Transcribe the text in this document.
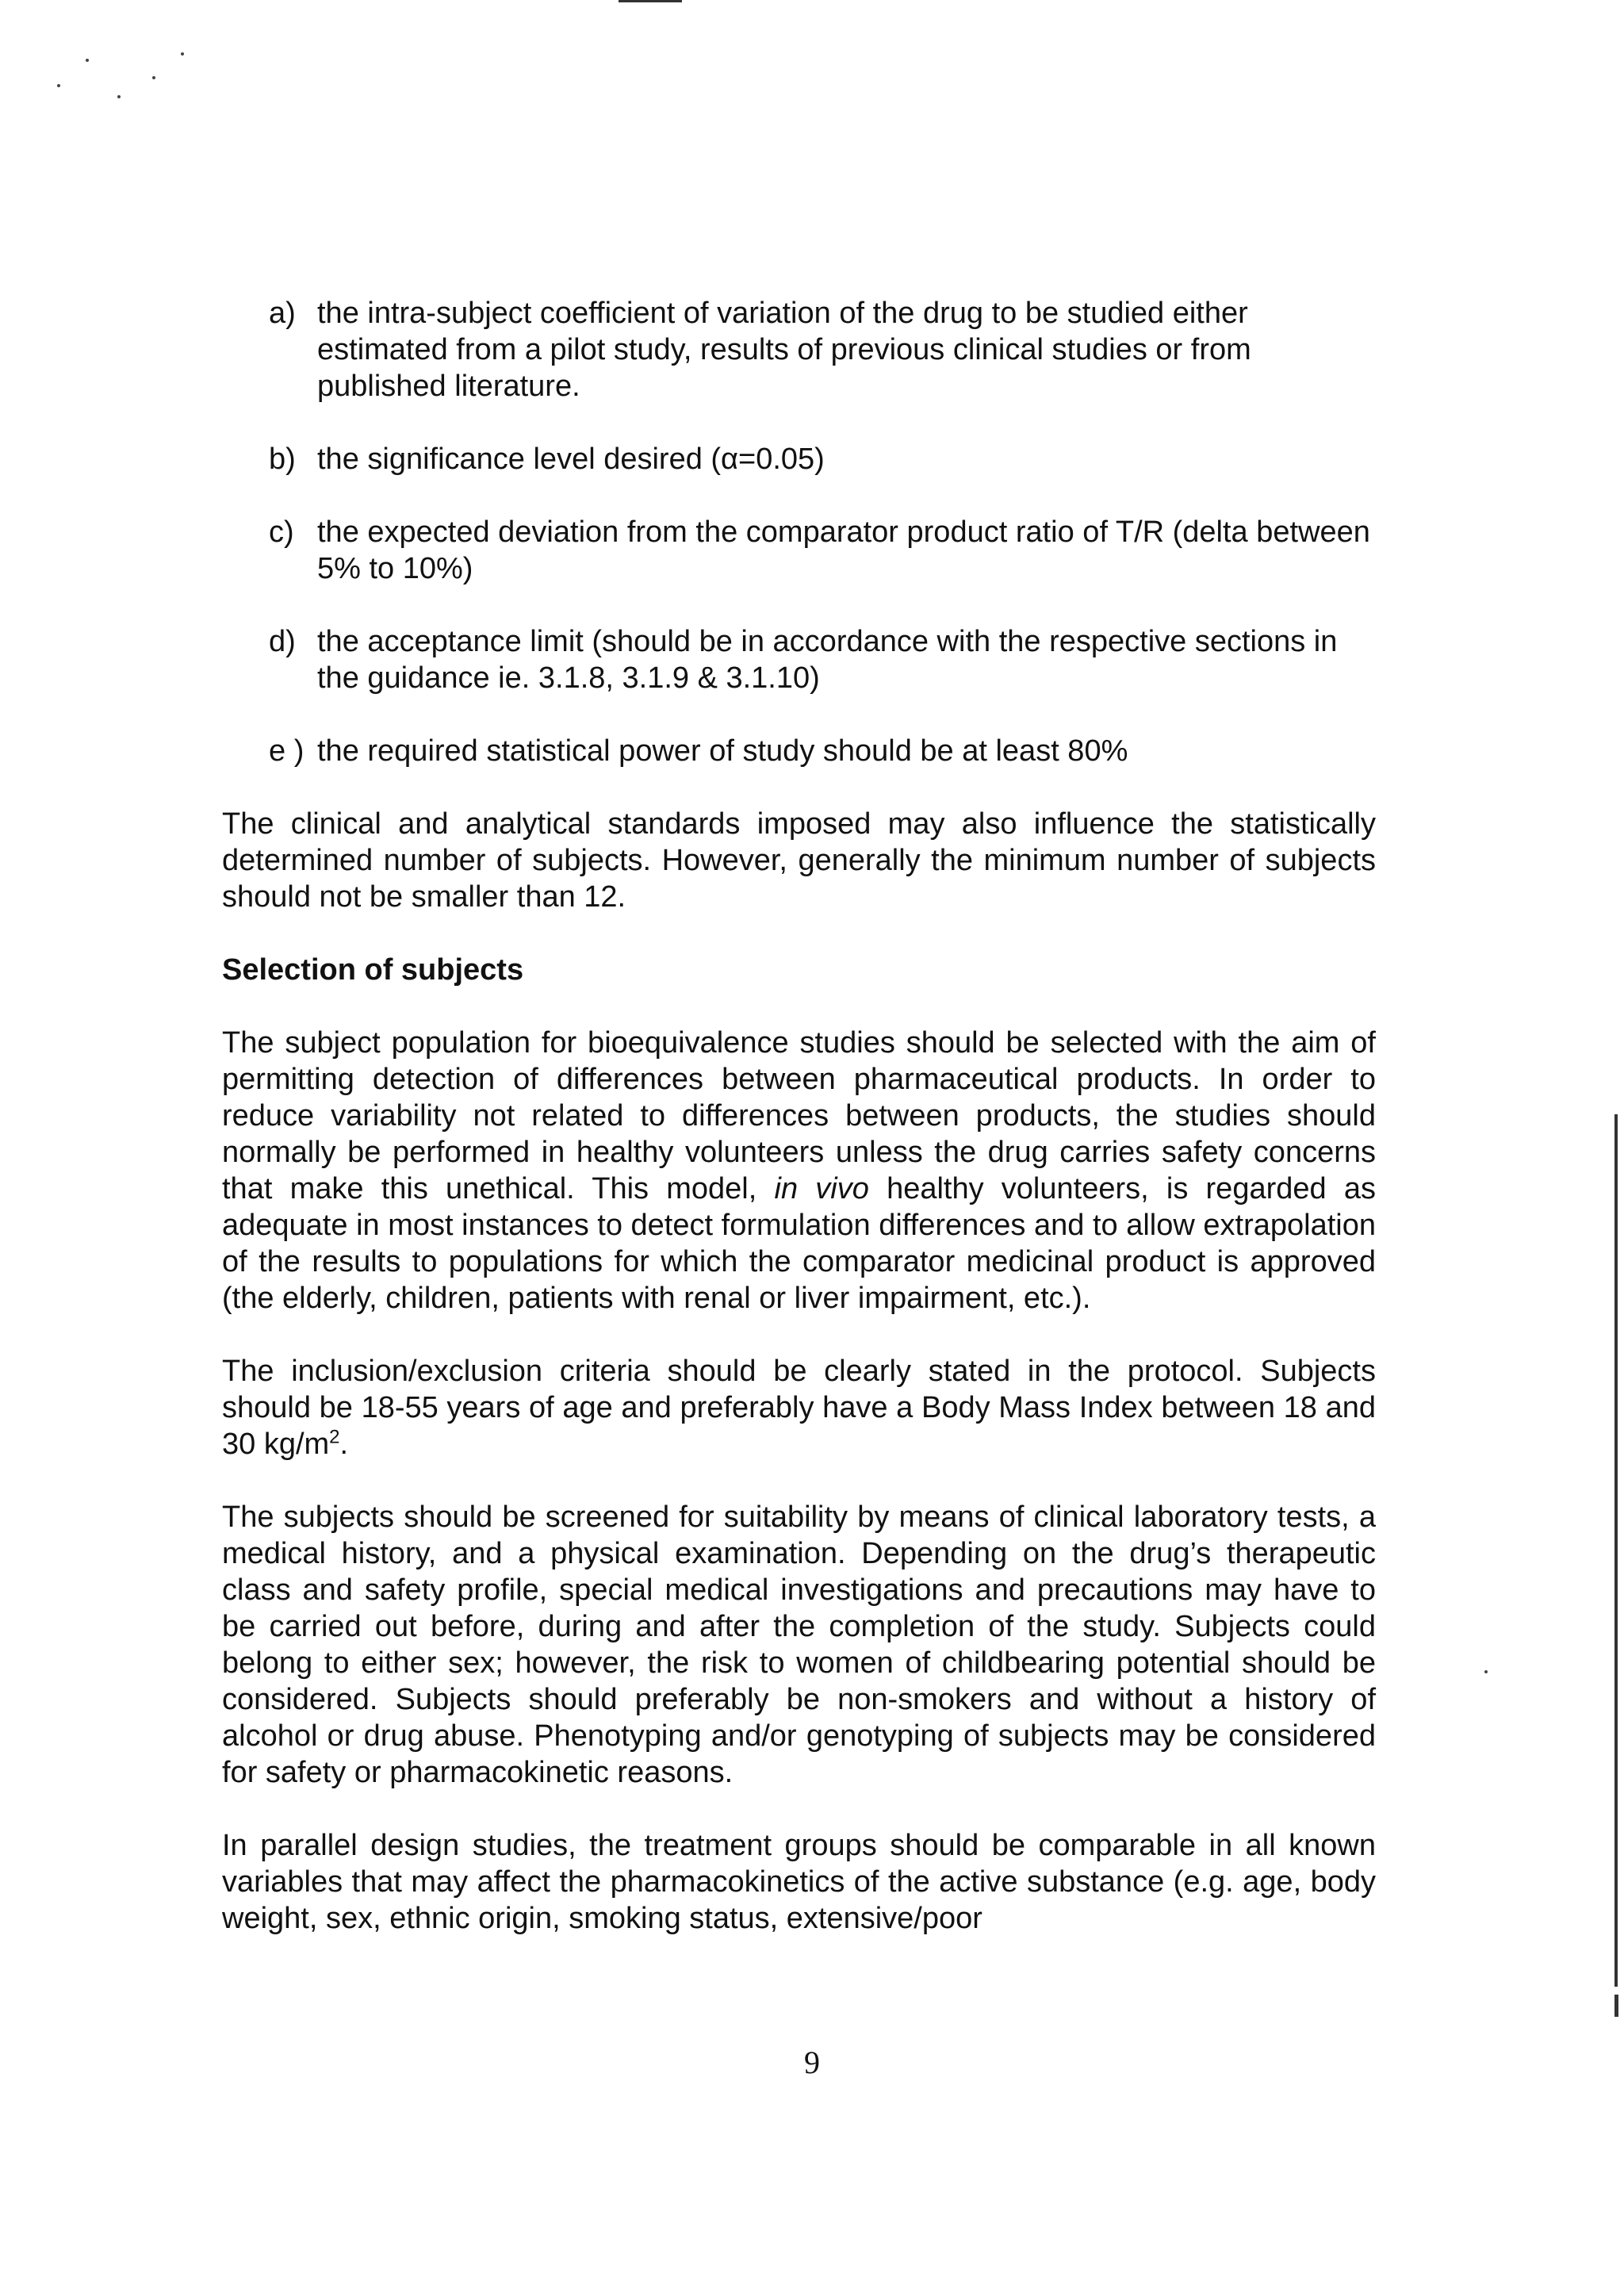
a) the intra-subject coefficient of variation of the drug to be studied either estimated from a pilot study, results of previous clinical studies or from published literature.
b) the significance level desired (α=0.05)
c) the expected deviation from the comparator product ratio of T/R (delta between 5% to 10%)
d) the acceptance limit (should be in accordance with the respective sections in the guidance ie. 3.1.8, 3.1.9 & 3.1.10)
e ) the required statistical power of study should be at least 80%

The clinical and analytical standards imposed may also influence the statistically determined number of subjects. However, generally the minimum number of subjects should not be smaller than 12.

Selection of subjects

The subject population for bioequivalence studies should be selected with the aim of permitting detection of differences between pharmaceutical products. In order to reduce variability not related to differences between products, the studies should normally be performed in healthy volunteers unless the drug carries safety concerns that make this unethical. This model, in vivo healthy volunteers, is regarded as adequate in most instances to detect formulation differences and to allow extrapolation of the results to populations for which the comparator medicinal product is approved (the elderly, children, patients with renal or liver impairment, etc.).

The inclusion/exclusion criteria should be clearly stated in the protocol. Subjects should be 18-55 years of age and preferably have a Body Mass Index between 18 and 30 $kg/m^2$.

The subjects should be screened for suitability by means of clinical laboratory tests, a medical history, and a physical examination. Depending on the drug’s therapeutic class and safety profile, special medical investigations and precautions may have to be carried out before, during and after the completion of the study. Subjects could belong to either sex; however, the risk to women of childbearing potential should be considered. Subjects should preferably be non-smokers and without a history of alcohol or drug abuse. Phenotyping and/or genotyping of subjects may be considered for safety or pharmacokinetic reasons.

In parallel design studies, the treatment groups should be comparable in all known variables that may affect the pharmacokinetics of the active substance (e.g. age, body weight, sex, ethnic origin, smoking status, extensive/poor

9
